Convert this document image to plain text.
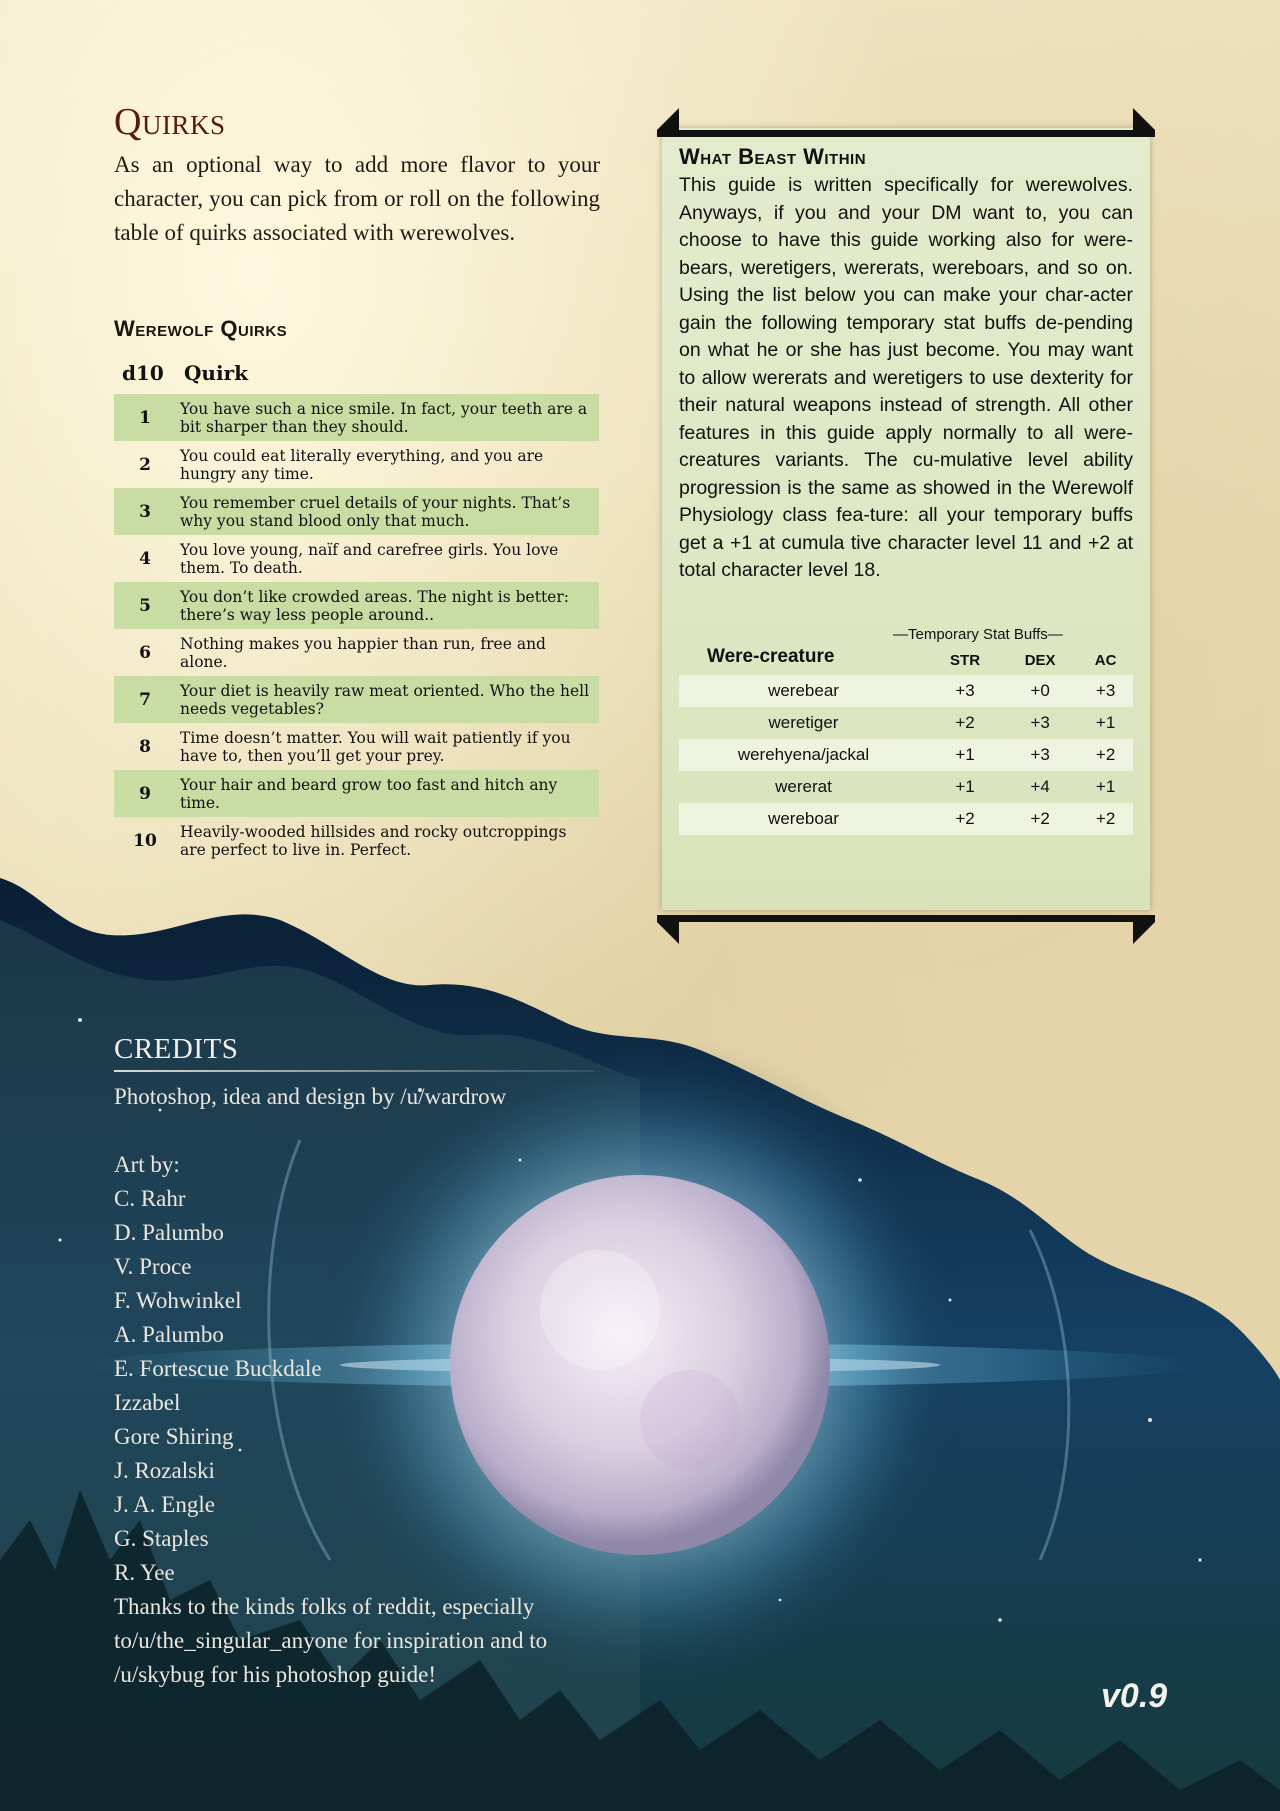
Quirks

As an optional way to add more flavor to your character, you can pick from or roll on the following table of quirks associated with werewolves.

Werewolf Quirks
d10	Quirk
1	You have such a nice smile. In fact, your teeth are a bit sharper than they should.
2	You could eat literally everything, and you are hungry any time.
3	You remember cruel details of your nights. That’s why you stand blood only that much.
4	You love young, naïf and carefree girls. You love them. To death.
5	You don’t like crowded areas. The night is better: there’s way less people around..
6	Nothing makes you happier than run, free and alone.
7	Your diet is heavily raw meat oriented. Who the hell needs vegetables?
8	Time doesn’t matter. You will wait patiently if you have to, then you’ll get your prey.
9	Your hair and beard grow too fast and hitch any time.
10	Heavily-wooded hillsides and rocky outcroppings are perfect to live in. Perfect.
What Beast Within

This guide is written specifically for werewolves. Anyways, if you and your DM want to, you can choose to have this guide working also for were-bears, weretigers, wererats, wereboars, and so on. Using the list below you can make your char-acter gain the following temporary stat buffs de-pending on what he or she has just become. You may want to allow wererats and weretigers to use dexterity for their natural weapons instead of strength. All other features in this guide apply normally to all were-creatures variants. The cu-mulative level ability progression is the same as showed in the Werewolf Physiology class fea-ture: all your temporary buffs get a +1 at cumula tive character level 11 and +2 at total character level 18.

—Temporary Stat Buffs—
Were-creature	STR	DEX	AC
werebear	+3	+0	+3
weretiger	+2	+3	+1
werehyena/jackal	+1	+3	+2
wererat	+1	+4	+1
wereboar	+2	+2	+2
CREDITS

Photoshop, idea and design by /u/wardrow

Art by:

C. Rahr
D. Palumbo
V. Proce
F. Wohwinkel
A. Palumbo
E. Fortescue Buckdale
Izzabel
Gore Shiring
J. Rozalski
J. A. Engle
G. Staples
R. Yee

Thanks to the kinds folks of reddit, especially to/u/the_singular_anyone for inspiration and to /u/skybug for his photoshop guide!

v0.9
